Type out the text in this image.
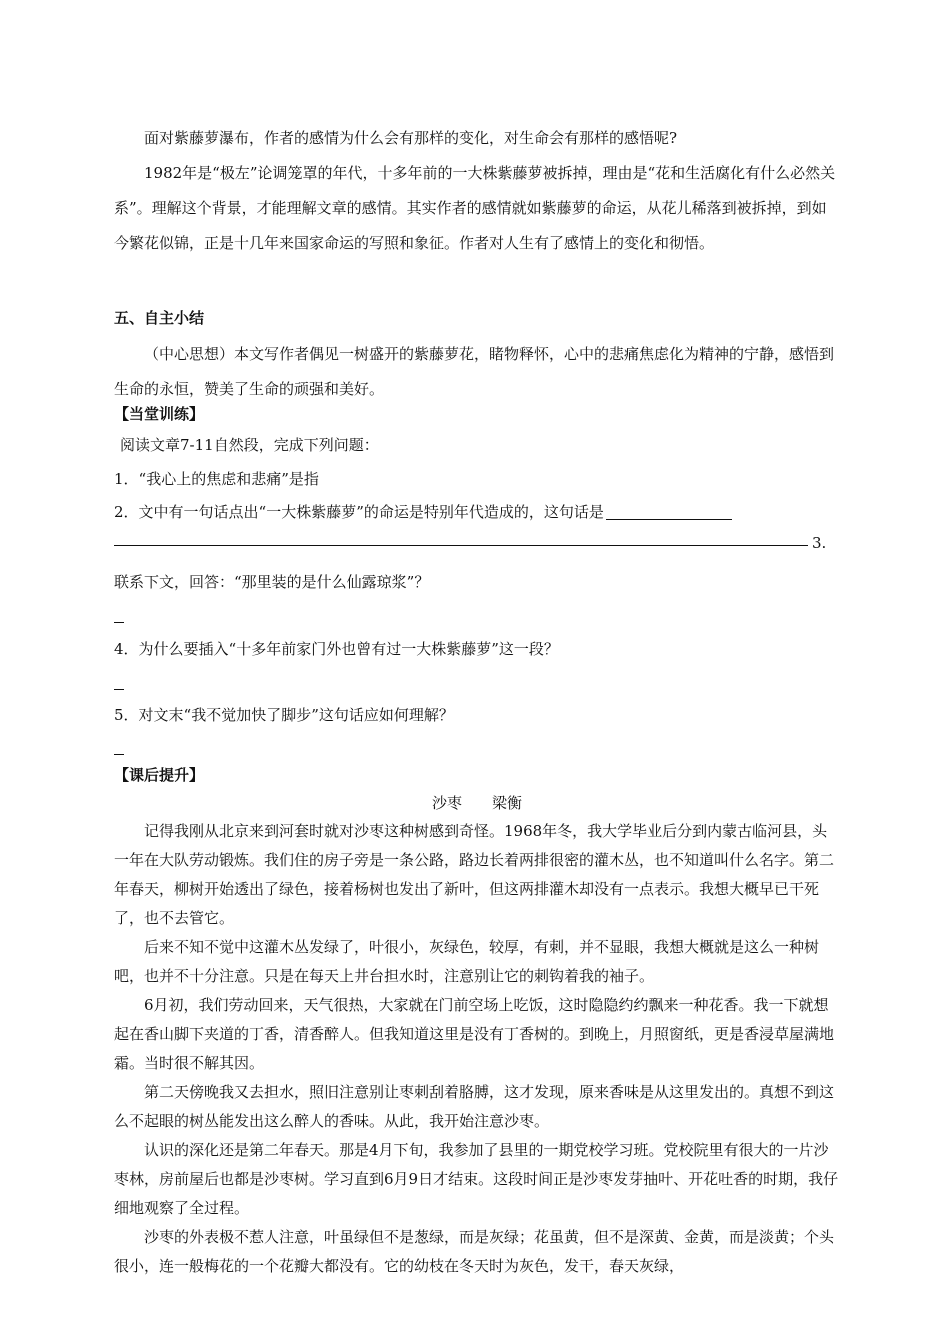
面对紫藤萝瀑布，作者的感情为什么会有那样的变化，对生命会有那样的感悟呢?

1982年是“极左”论调笼罩的年代，十多年前的一大株紫藤萝被拆掉，理由是“花和生活腐化有什么必然关系”。理解这个背景，才能理解文章的感情。其实作者的感情就如紫藤萝的命运，从花儿稀落到被拆掉，到如今繁花似锦，正是十几年来国家命运的写照和象征。作者对人生有了感情上的变化和彻悟。

五、自主小结

（中心思想）本文写作者偶见一树盛开的紫藤萝花，睹物释怀，心中的悲痛焦虑化为精神的宁静，感悟到生命的永恒，赞美了生命的顽强和美好。

【当堂训练】

阅读文章7-11自然段，完成下列问题：

1．“我心上的焦虑和悲痛”是指

2．文中有一句话点出“一大株紫藤萝”的命运是特别年代造成的，这句话是

3.

联系下文，回答：“那里装的是什么仙露琼浆”？

4．为什么要插入“十多年前家门外也曾有过一大株紫藤萝”这一段？

5．对文末“我不觉加快了脚步”这句话应如何理解？

【课后提升】

沙枣　　梁衡

记得我刚从北京来到河套时就对沙枣这种树感到奇怪。1968年冬，我大学毕业后分到内蒙古临河县，头一年在大队劳动锻炼。我们住的房子旁是一条公路，路边长着两排很密的灌木丛，也不知道叫什么名字。第二年春天，柳树开始透出了绿色，接着杨树也发出了新叶，但这两排灌木却没有一点表示。我想大概早已干死了，也不去管它。

后来不知不觉中这灌木丛发绿了，叶很小，灰绿色，较厚，有刺，并不显眼，我想大概就是这么一种树吧，也并不十分注意。只是在每天上井台担水时，注意别让它的刺钩着我的袖子。

6月初，我们劳动回来，天气很热，大家就在门前空场上吃饭，这时隐隐约约飘来一种花香。我一下就想起在香山脚下夹道的丁香，清香醉人。但我知道这里是没有丁香树的。到晚上，月照窗纸，更是香浸草屋满地霜。当时很不解其因。

第二天傍晚我又去担水，照旧注意别让枣刺刮着胳膊，这才发现，原来香味是从这里发出的。真想不到这么不起眼的树丛能发出这么醉人的香味。从此，我开始注意沙枣。

认识的深化还是第二年春天。那是4月下旬，我参加了县里的一期党校学习班。党校院里有很大的一片沙枣林，房前屋后也都是沙枣树。学习直到6月9日才结束。这段时间正是沙枣发芽抽叶、开花吐香的时期，我仔细地观察了全过程。

沙枣的外表极不惹人注意，叶虽绿但不是葱绿，而是灰绿；花虽黄，但不是深黄、金黄，而是淡黄；个头很小，连一般梅花的一个花瓣大都没有。它的幼枝在冬天时为灰色，发干，春天灰绿，
